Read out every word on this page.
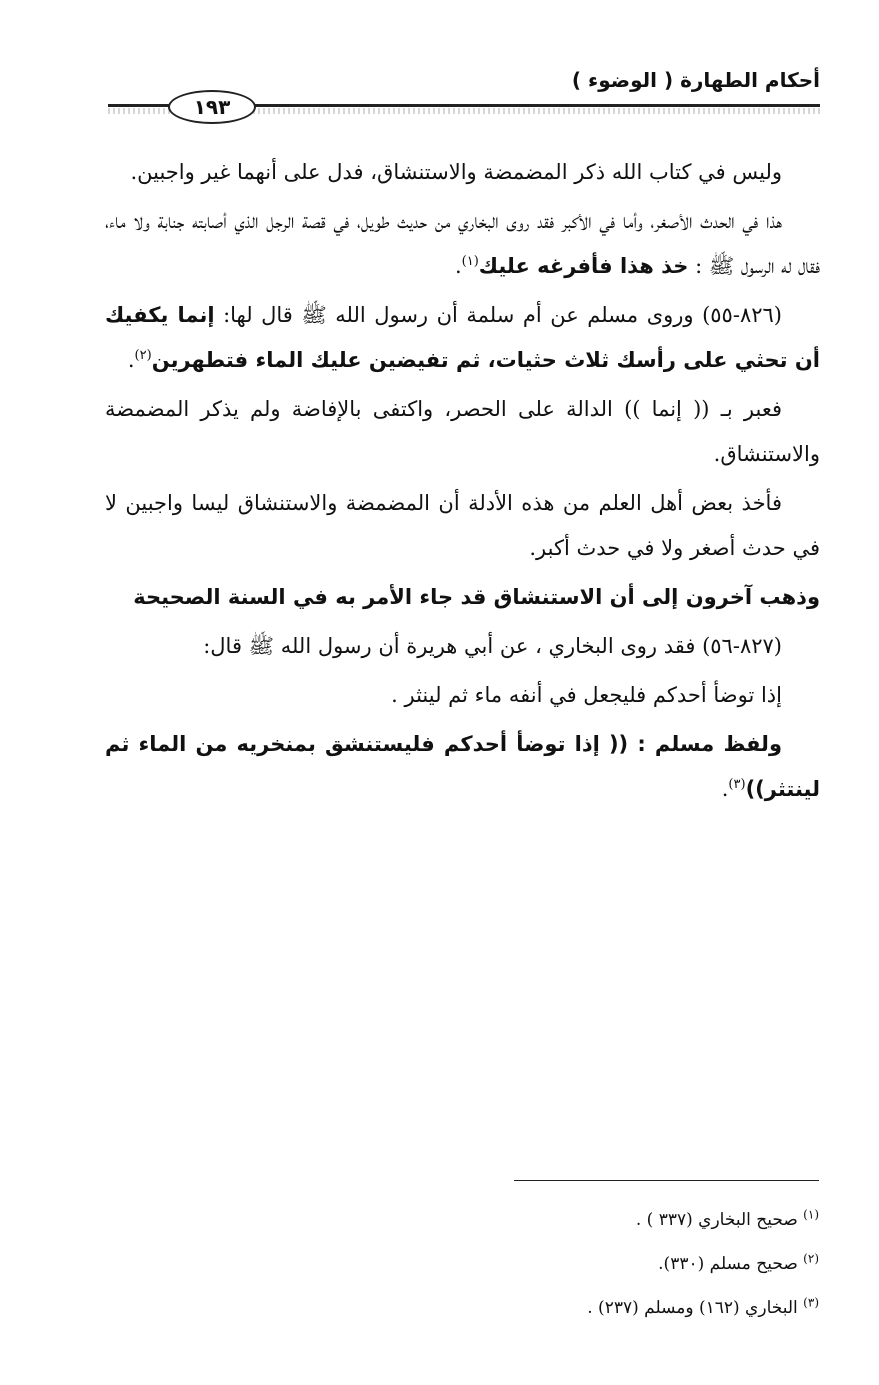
أحكام الطهارة ( الوضوء )
١٩٣

وليس في كتاب الله ذكر المضمضة والاستنشاق، فدل على أنهما غير واجبين.

هذا في الحدث الأصغر، وأما في الأكبر فقد روى البخاري من حديث طويل، في قصة الرجل الذي أصابته جنابة ولا ماء، فقال له الرسول ﷺ : خذ هذا فأفرغه عليك$^{(١)}$.

(٨٢٦-٥٥) وروى مسلم عن أم سلمة أن رسول الله ﷺ قال لها: إنما يكفيك أن تحثي على رأسك ثلاث حثيات، ثم تفيضين عليك الماء فتطهرين$^{(٢)}$.

فعبر بـ (( إنما )) الدالة على الحصر، واكتفى بالإفاضة ولم يذكر المضمضة والاستنشاق.

فأخذ بعض أهل العلم من هذه الأدلة أن المضمضة والاستنشاق ليسا واجبين لا في حدث أصغر ولا في حدث أكبر.

وذهب آخرون إلى أن الاستنشاق قد جاء الأمر به في السنة الصحيحة

(٨٢٧-٥٦) فقد روى البخاري ، عن أبي هريرة أن رسول الله ﷺ قال:

إذا توضأ أحدكم فليجعل في أنفه ماء ثم لينثر .

ولفظ مسلم : (( إذا توضأ أحدكم فليستنشق بمنخريه من الماء ثم لينتثر))$^{(٣)}$.

$^{(١)}$ صحيح البخاري (٣٣٧ ) .

$^{(٢)}$ صحيح مسلم (٣٣٠).

$^{(٣)}$ البخاري (١٦٢) ومسلم (٢٣٧) .
